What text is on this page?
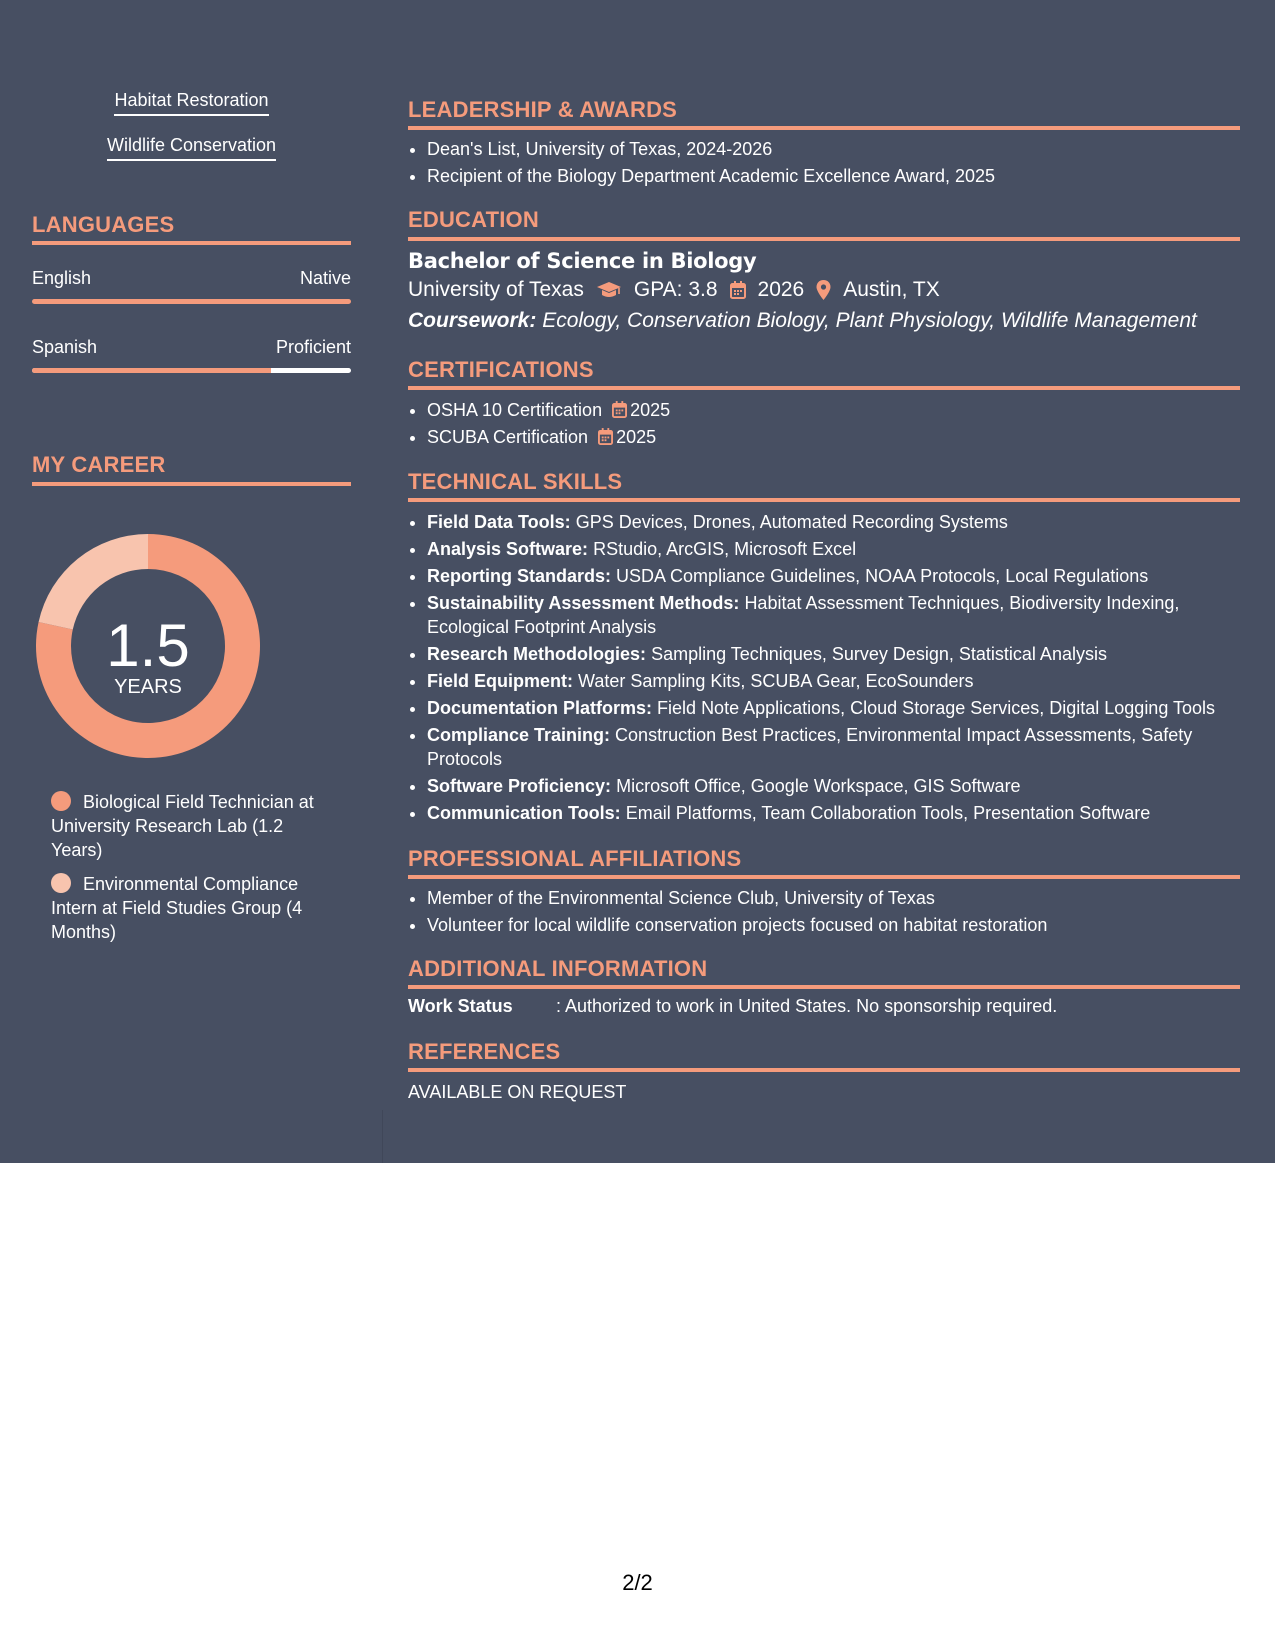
Habitat Restoration
Wildlife Conservation
LANGUAGES
English	Native
Spanish	Proficient
MY CAREER
1.5
YEARS
Biological Field Technician at University Research Lab (1.2 Years)
Environmental Compliance Intern at Field Studies Group (4 Months)
LEADERSHIP & AWARDS
• Dean's List, University of Texas, 2024-2026
• Recipient of the Biology Department Academic Excellence Award, 2025
EDUCATION
Bachelor of Science in Biology
University of Texas GPA: 3.8 2026 Austin, TX
Coursework: Ecology, Conservation Biology, Plant Physiology, Wildlife Management
CERTIFICATIONS
• OSHA 10 Certification 2025
• SCUBA Certification 2025
TECHNICAL SKILLS
• Field Data Tools: GPS Devices, Drones, Automated Recording Systems
• Analysis Software: RStudio, ArcGIS, Microsoft Excel
• Reporting Standards: USDA Compliance Guidelines, NOAA Protocols, Local Regulations
• Sustainability Assessment Methods: Habitat Assessment Techniques, Biodiversity Indexing, Ecological Footprint Analysis
• Research Methodologies: Sampling Techniques, Survey Design, Statistical Analysis
• Field Equipment: Water Sampling Kits, SCUBA Gear, EcoSounders
• Documentation Platforms: Field Note Applications, Cloud Storage Services, Digital Logging Tools
• Compliance Training: Construction Best Practices, Environmental Impact Assessments, Safety Protocols
• Software Proficiency: Microsoft Office, Google Workspace, GIS Software
• Communication Tools: Email Platforms, Team Collaboration Tools, Presentation Software
PROFESSIONAL AFFILIATIONS
• Member of the Environmental Science Club, University of Texas
• Volunteer for local wildlife conservation projects focused on habitat restoration
ADDITIONAL INFORMATION
Work Status : Authorized to work in United States. No sponsorship required.
REFERENCES
AVAILABLE ON REQUEST
2/2
